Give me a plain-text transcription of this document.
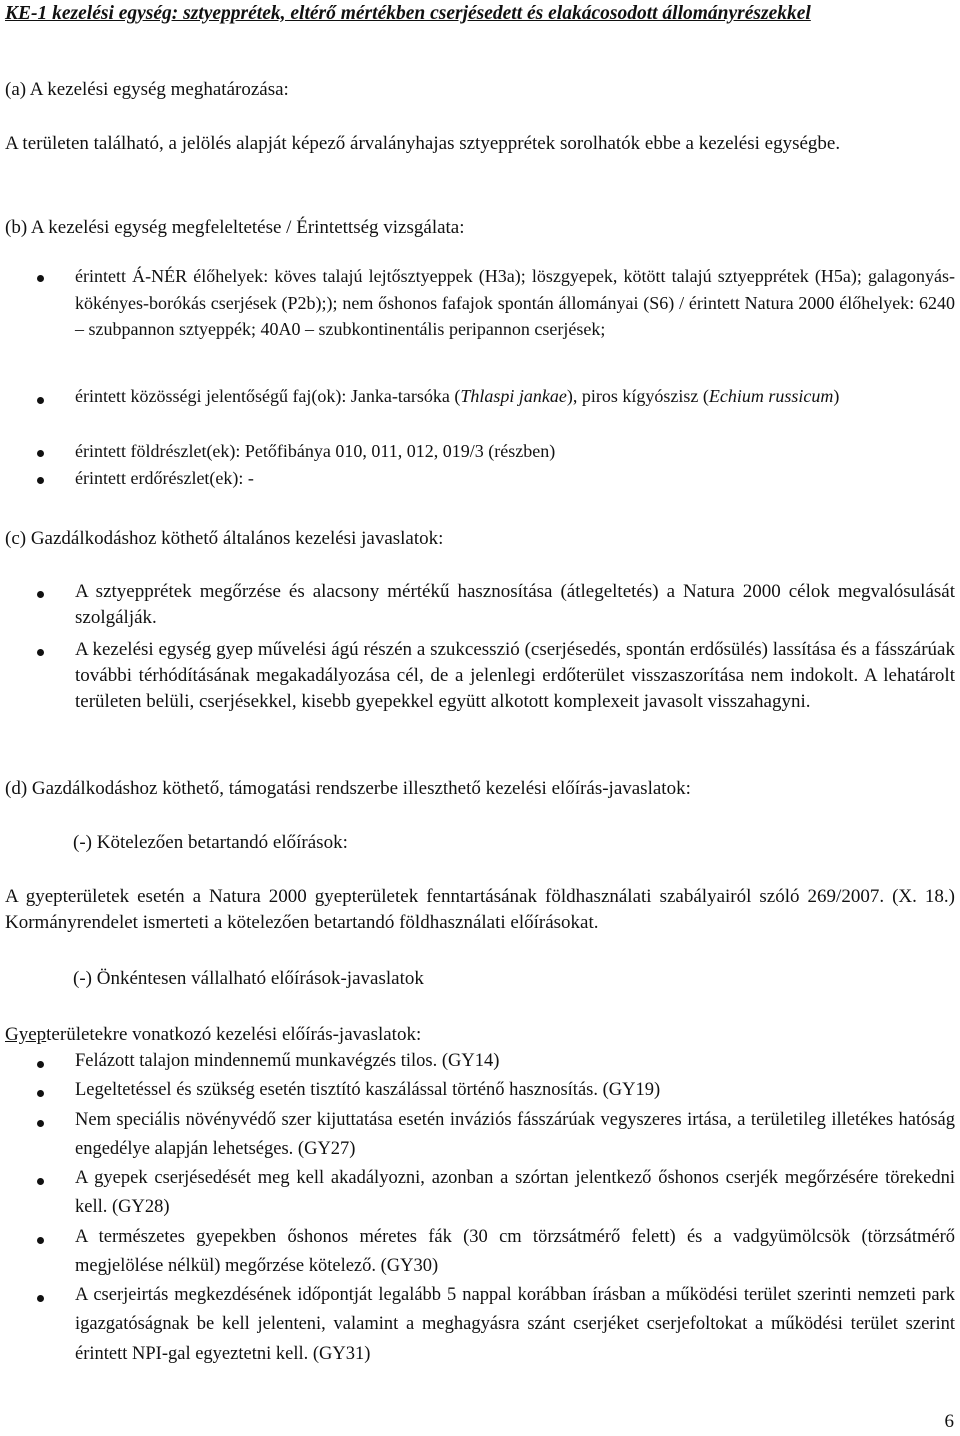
KE-1 kezelési egység: sztyepprétek, eltérő mértékben cserjésedett és elakácosodott állományrészekkel
(a) A kezelési egység meghatározása:
A területen található, a jelölés alapját képező árvalányhajas sztyepprétek sorolhatók ebbe a kezelési egységbe.
(b) A kezelési egység megfeleltetése / Érintettség vizsgálata:
érintett Á-NÉR élőhelyek: köves talajú lejtősztyeppek (H3a); löszgyepek, kötött talajú sztyepprétek (H5a); galagonyás-kökényes-borókás cserjések (P2b);); nem őshonos fafajok spontán állományai (S6) / érintett Natura 2000 élőhelyek: 6240 – szubpannon sztyeppék; 40A0 – szubkontinentális peripannon cserjések;
érintett közösségi jelentőségű faj(ok): Janka-tarsóka (Thlaspi jankae), piros kígyószisz (Echium russicum)
érintett földrészlet(ek): Petőfibánya 010, 011, 012, 019/3 (részben)
érintett erdőrészlet(ek): -
(c) Gazdálkodáshoz köthető általános kezelési javaslatok:
A sztyepprétek megőrzése és alacsony mértékű hasznosítása (átlegeltetés) a Natura 2000 célok megvalósulását szolgálják.
A kezelési egység gyep művelési ágú részén a szukcesszió (cserjésedés, spontán erdősülés) lassítása és a fásszárúak további térhódításának megakadályozása cél, de a jelenlegi erdőterület visszaszorítása nem indokolt. A lehatárolt területen belüli, cserjésekkel, kisebb gyepekkel együtt alkotott komplexeit javasolt visszahagyni.
(d) Gazdálkodáshoz köthető, támogatási rendszerbe illeszthető kezelési előírás-javaslatok:
(-) Kötelezően betartandó előírások:
A gyepterületek esetén a Natura 2000 gyepterületek fenntartásának földhasználati szabályairól szóló 269/2007. (X. 18.) Kormányrendelet ismerteti a kötelezően betartandó földhasználati előírásokat.
(-) Önkéntesen vállalható előírások-javaslatok
Gyepterületekre vonatkozó kezelési előírás-javaslatok:
Felázott talajon mindennemű munkavégzés tilos. (GY14)
Legeltetéssel és szükség esetén tisztító kaszálással történő hasznosítás. (GY19)
Nem speciális növényvédő szer kijuttatása esetén inváziós fásszárúak vegyszeres irtása, a területileg illetékes hatóság engedélye alapján lehetséges. (GY27)
A gyepek cserjésedését meg kell akadályozni, azonban a szórtan jelentkező őshonos cserjék megőrzésére törekedni kell. (GY28)
A természetes gyepekben őshonos méretes fák (30 cm törzsátmérő felett) és a vadgyümölcsök (törzsátmérő megjelölése nélkül) megőrzése kötelező. (GY30)
A cserjeirtás megkezdésének időpontját legalább 5 nappal korábban írásban a működési terület szerinti nemzeti park igazgatóságnak be kell jelenteni, valamint a meghagyásra szánt cserjéket cserjefoltokat a működési terület szerint érintett NPI-gal egyeztetni kell. (GY31)
6
